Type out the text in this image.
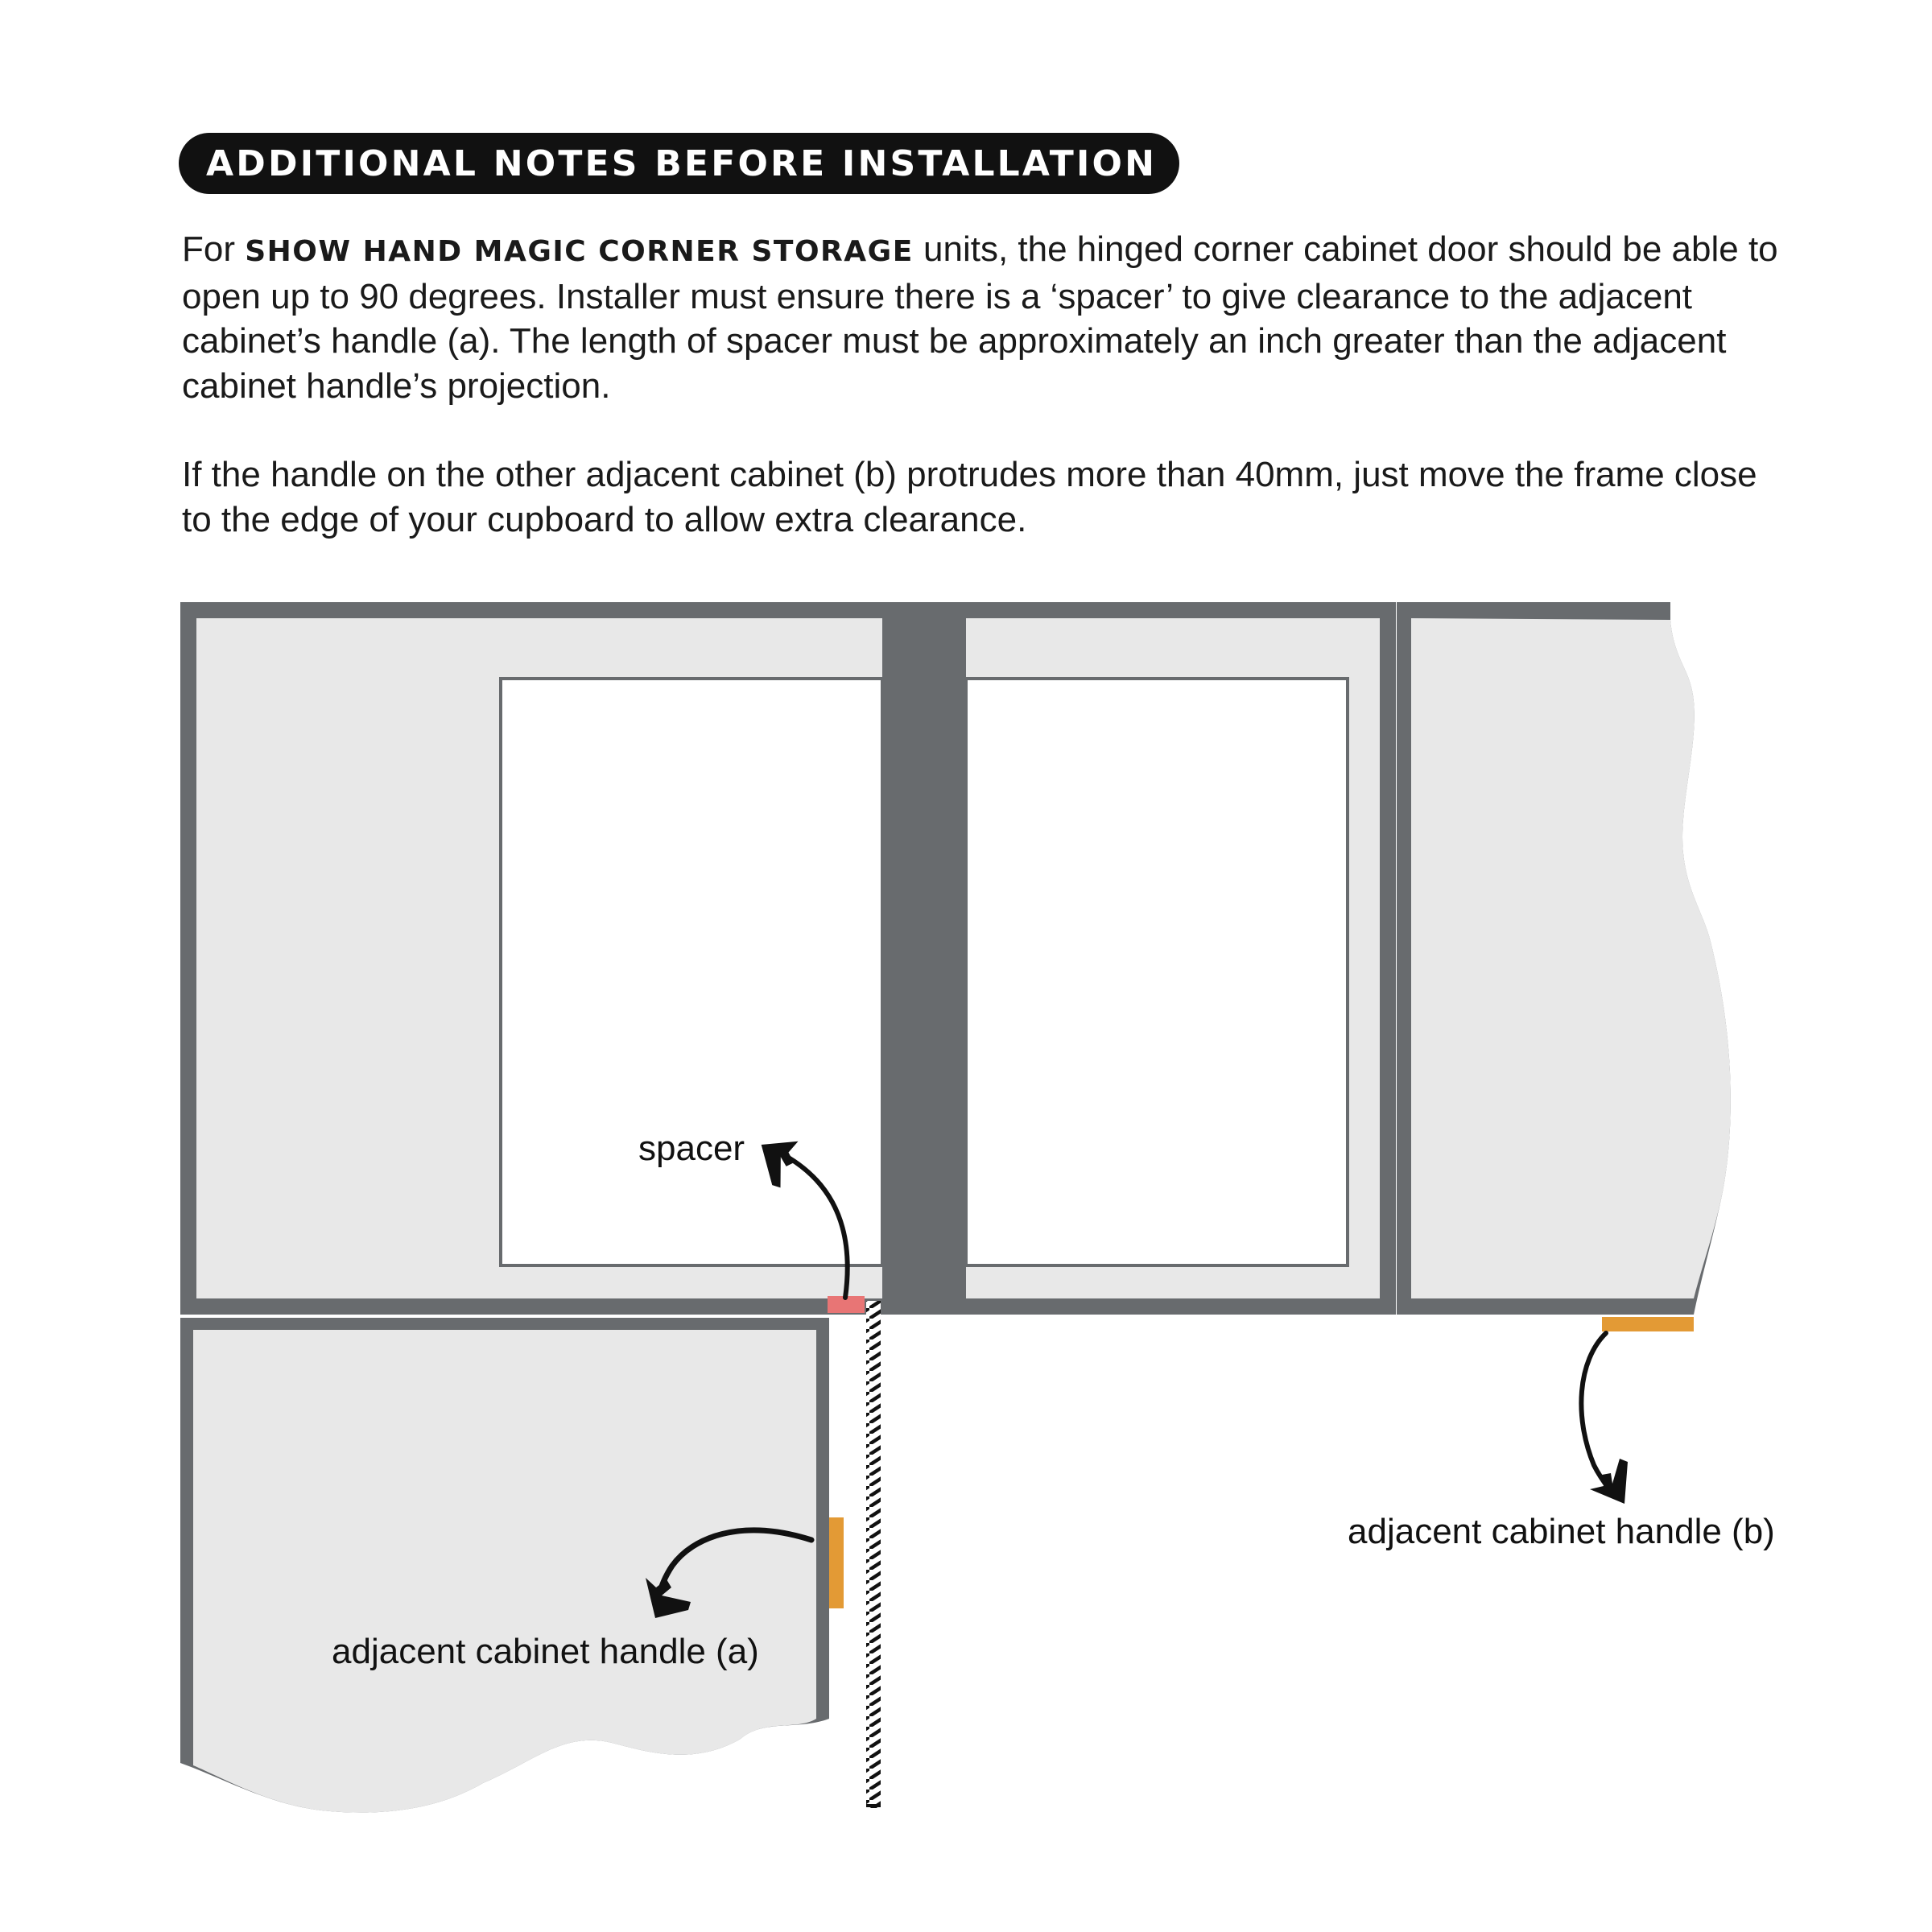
ADDITIONAL NOTES BEFORE INSTALLATION

For SHOW HAND MAGIC CORNER STORAGE units, the hinged corner cabinet door should be able to open up to 90 degrees. Installer must ensure there is a ‘spacer’ to give clearance to the adjacent cabinet’s handle (a). The length of spacer must be approximately an inch greater than the adjacent cabinet handle’s projection.

If the handle on the other adjacent cabinet (b) protrudes more than 40mm, just move the frame close to the edge of your cupboard to allow extra clearance.

spacer
adjacent cabinet handle (a)
adjacent cabinet handle (b)
